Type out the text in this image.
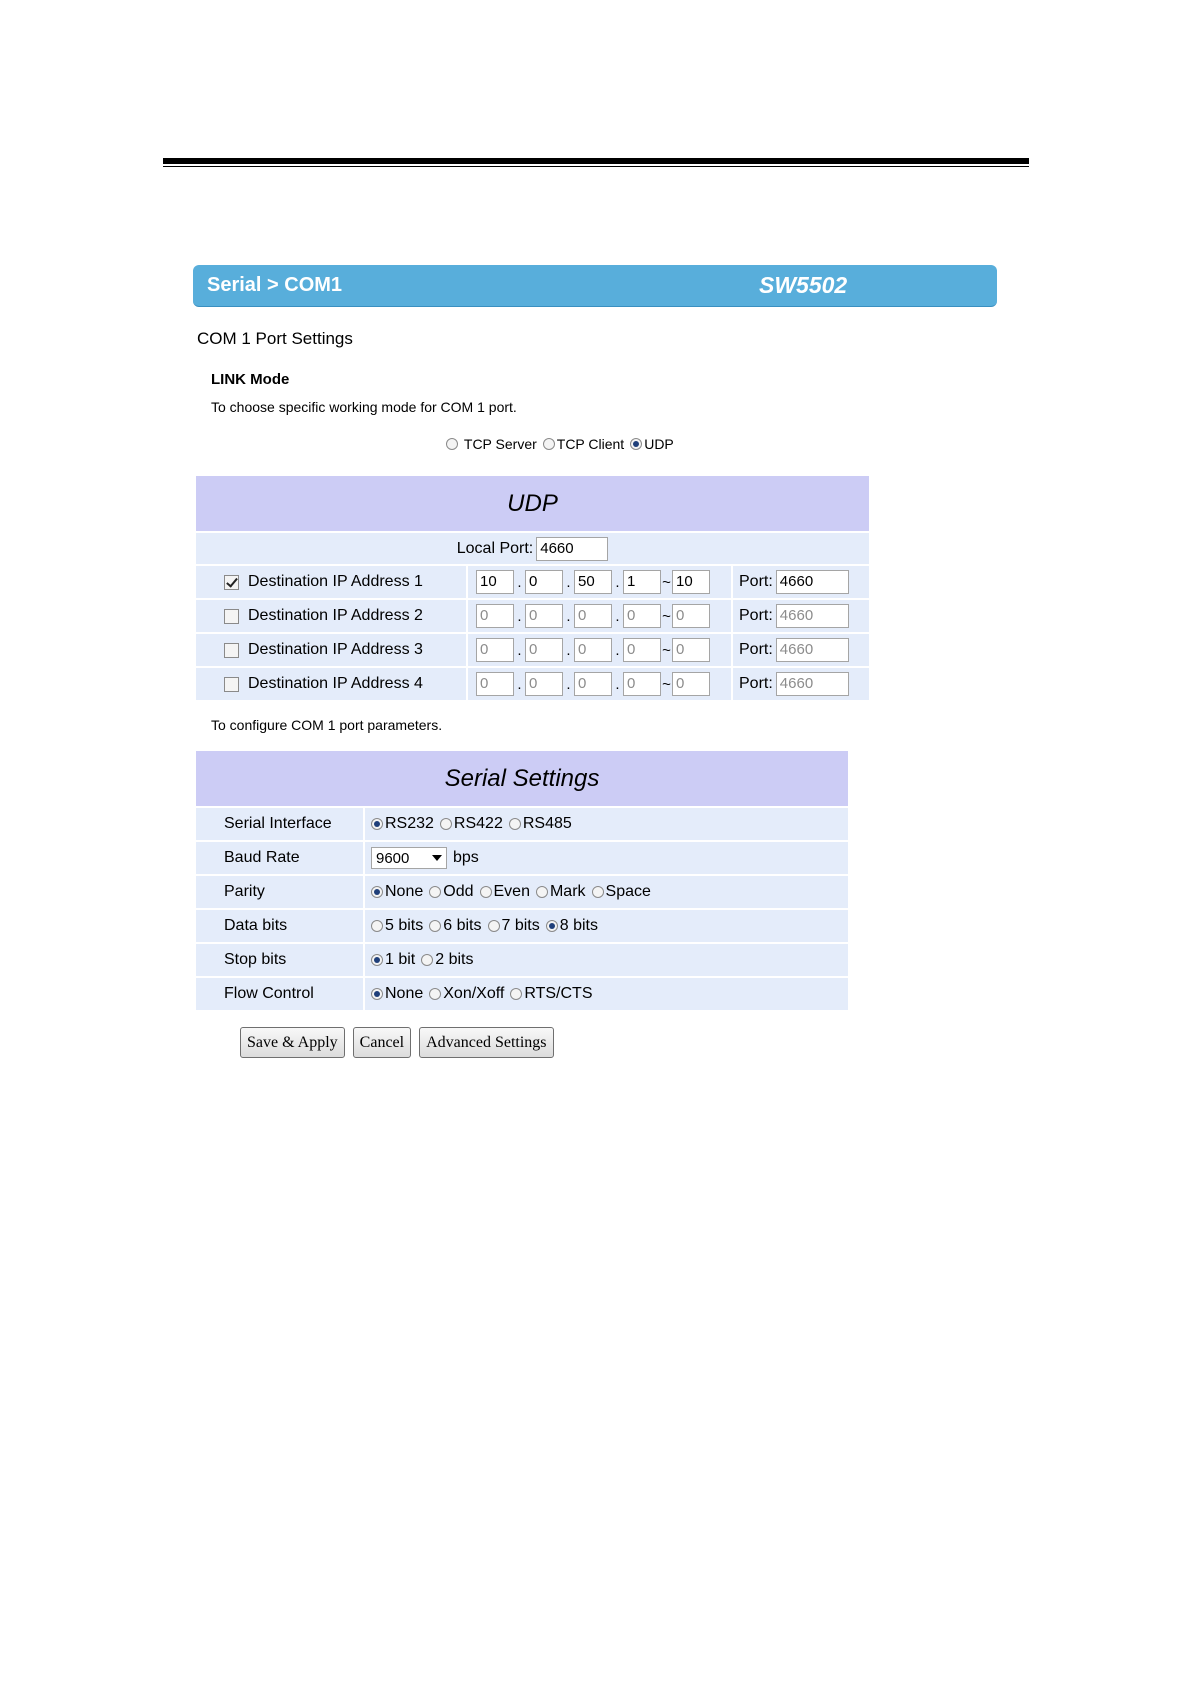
Serial > COM1	SW5502
COM 1 Port Settings
LINK Mode
To choose specific working mode for COM 1 port.

TCP Server TCP Client UDP
UDP
Local Port: 4660
Destination IP Address 1	10	. 0	. 50	. 1	~ 10	Port: 4660
Destination IP Address 2	0	. 0	. 0	. 0	~ 0	Port: 4660
Destination IP Address 3	0	. 0	. 0	. 0	~ 0	Port: 4660
Destination IP Address 4	0	. 0	. 0	. 0	~ 0	Port: 4660
To configure COM 1 port parameters.
Serial Settings
Serial Interface	RS232 RS422 RS485
Baud Rate	9600	bps
Parity	None Odd Even Mark Space
Data bits	5 bits 6 bits 7 bits 8 bits
Stop bits	1 bit 2 bits
Flow Control	None Xon/Xoff RTS/CTS
Save & Apply	Cancel	Advanced Settings
